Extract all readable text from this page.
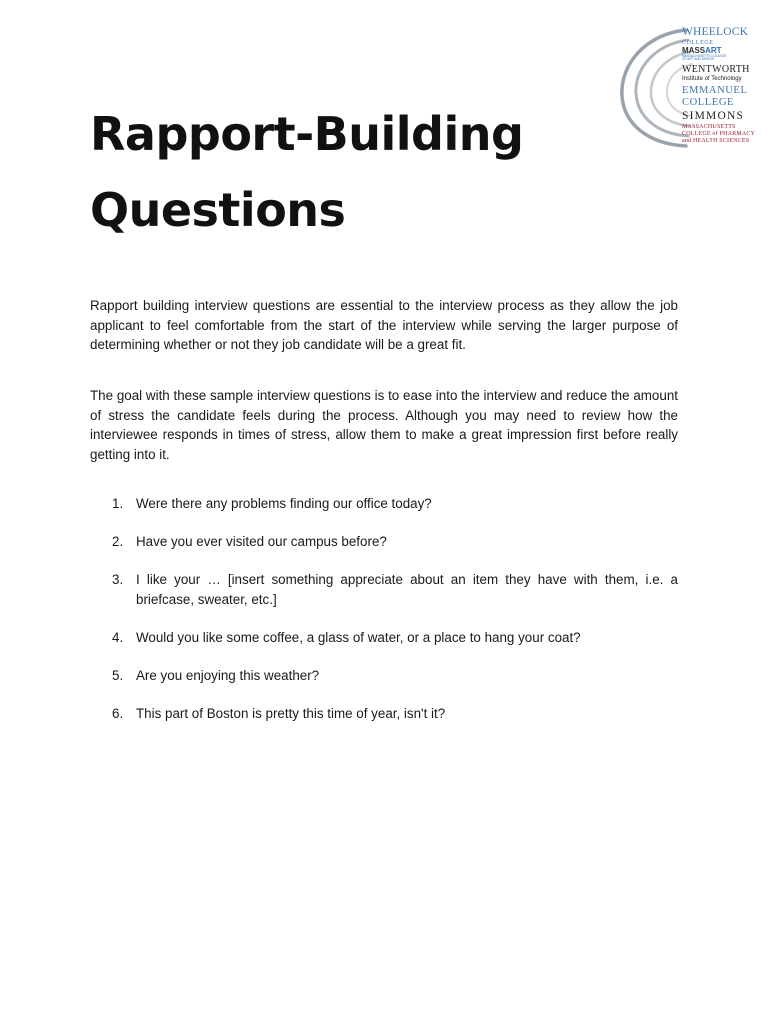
WHEELOCK
COLLEGE
MASSART
MASSACHUSETTS COLLEGE
OF ART AND DESIGN
WENTWORTH
Institute of Technology
EMMANUEL
COLLEGE
SIMMONS
MASSACHUSETTS
COLLEGE of PHARMACY
and HEALTH SCIENCES
Rapport-Building
Questions

Rapport building interview questions are essential to the interview process as they allow the job applicant to feel comfortable from the start of the interview while serving the larger purpose of determining whether or not they job candidate will be a great fit.

The goal with these sample interview questions is to ease into the interview and reduce the amount of stress the candidate feels during the process. Although you may need to review how the interviewee responds in times of stress, allow them to make a great impression first before really getting into it.

1. Were there any problems finding our office today?
2. Have you ever visited our campus before?
3. I like your … [insert something appreciate about an item they have with them, i.e. a briefcase, sweater, etc.]
4. Would you like some coffee, a glass of water, or a place to hang your coat?
5. Are you enjoying this weather?
6. This part of Boston is pretty this time of year, isn't it?
